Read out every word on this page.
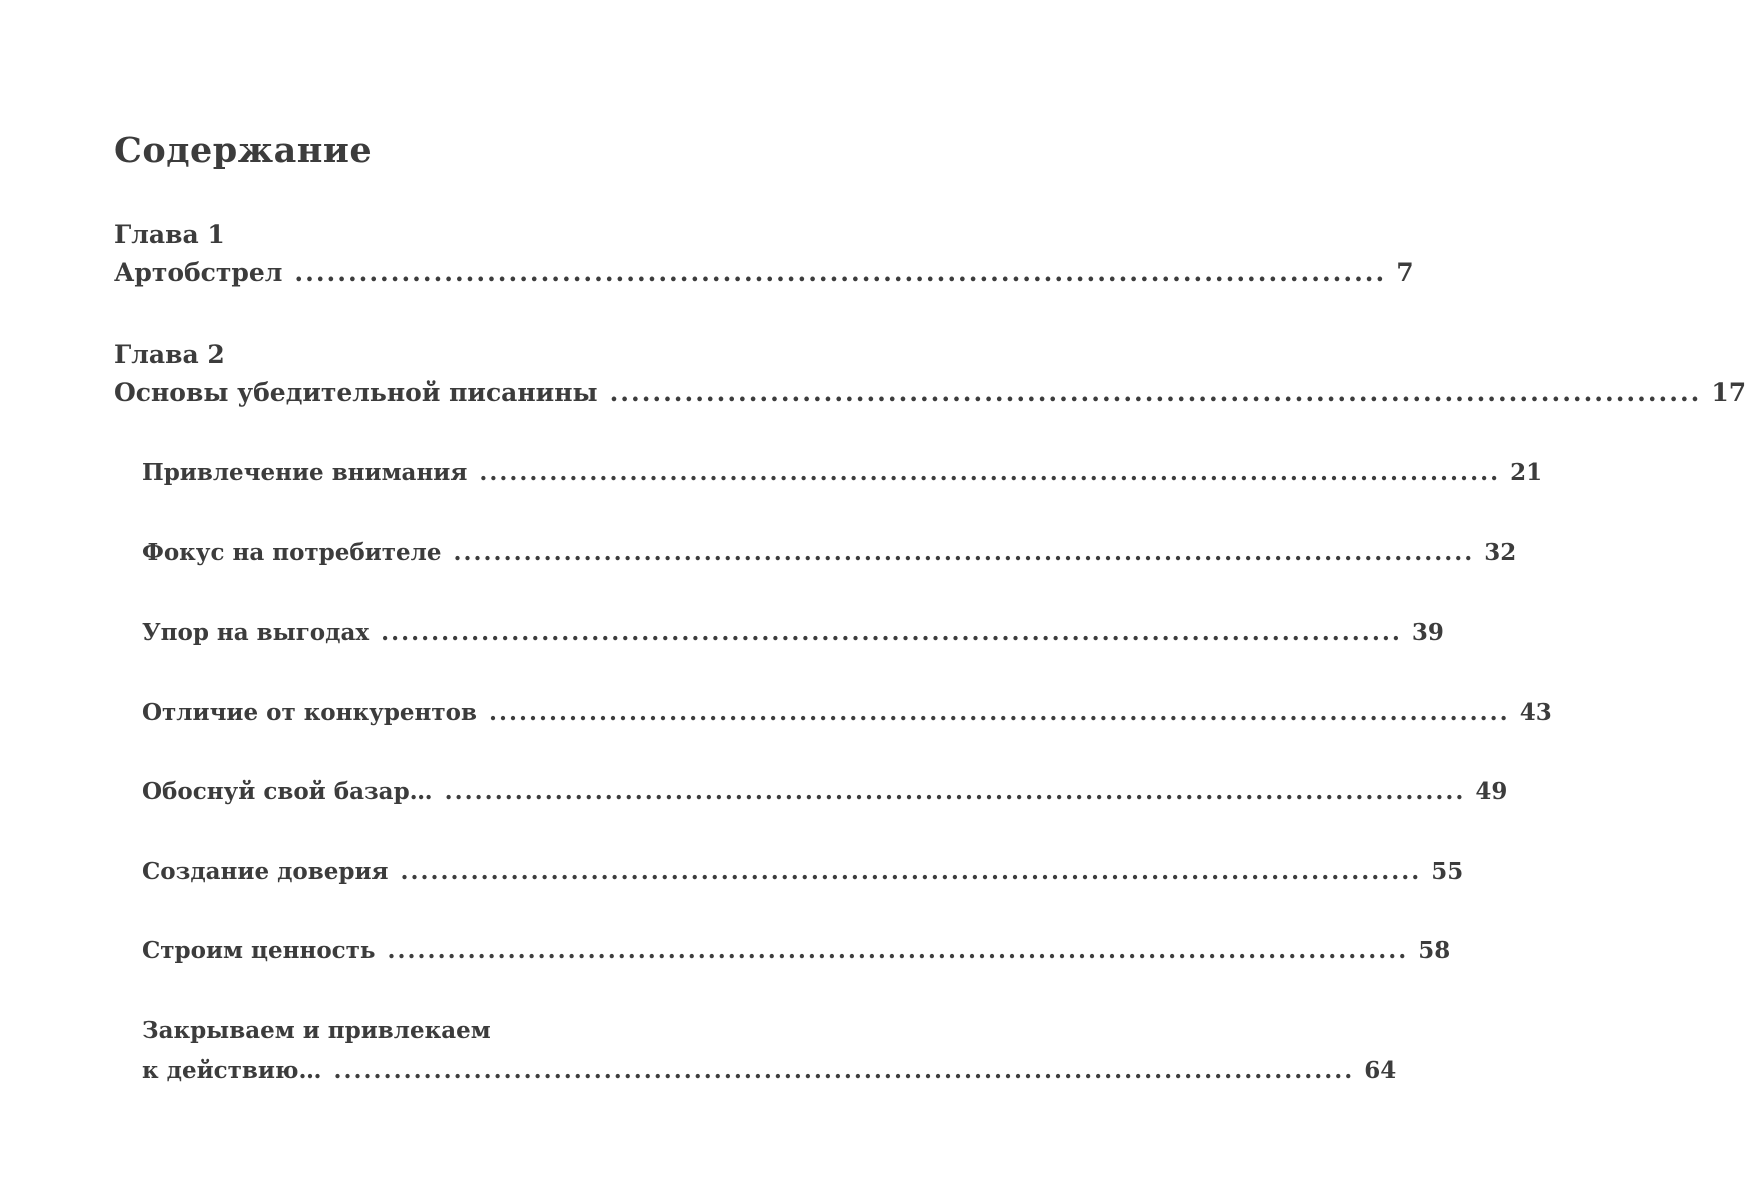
Содержание
Глава 1
Артобстрел ...................................................................................................... 7
Глава 2
Основы убедительной писанины ...................................................................................................... 17
Привлечение внимания ...................................................................................................... 21
Фокус на потребителе ...................................................................................................... 32
Упор на выгодах ...................................................................................................... 39
Отличие от конкурентов ...................................................................................................... 43
Обоснуй свой базар… ...................................................................................................... 49
Создание доверия ...................................................................................................... 55
Строим ценность ...................................................................................................... 58
Закрываем и привлекаем
к действию… ...................................................................................................... 64
